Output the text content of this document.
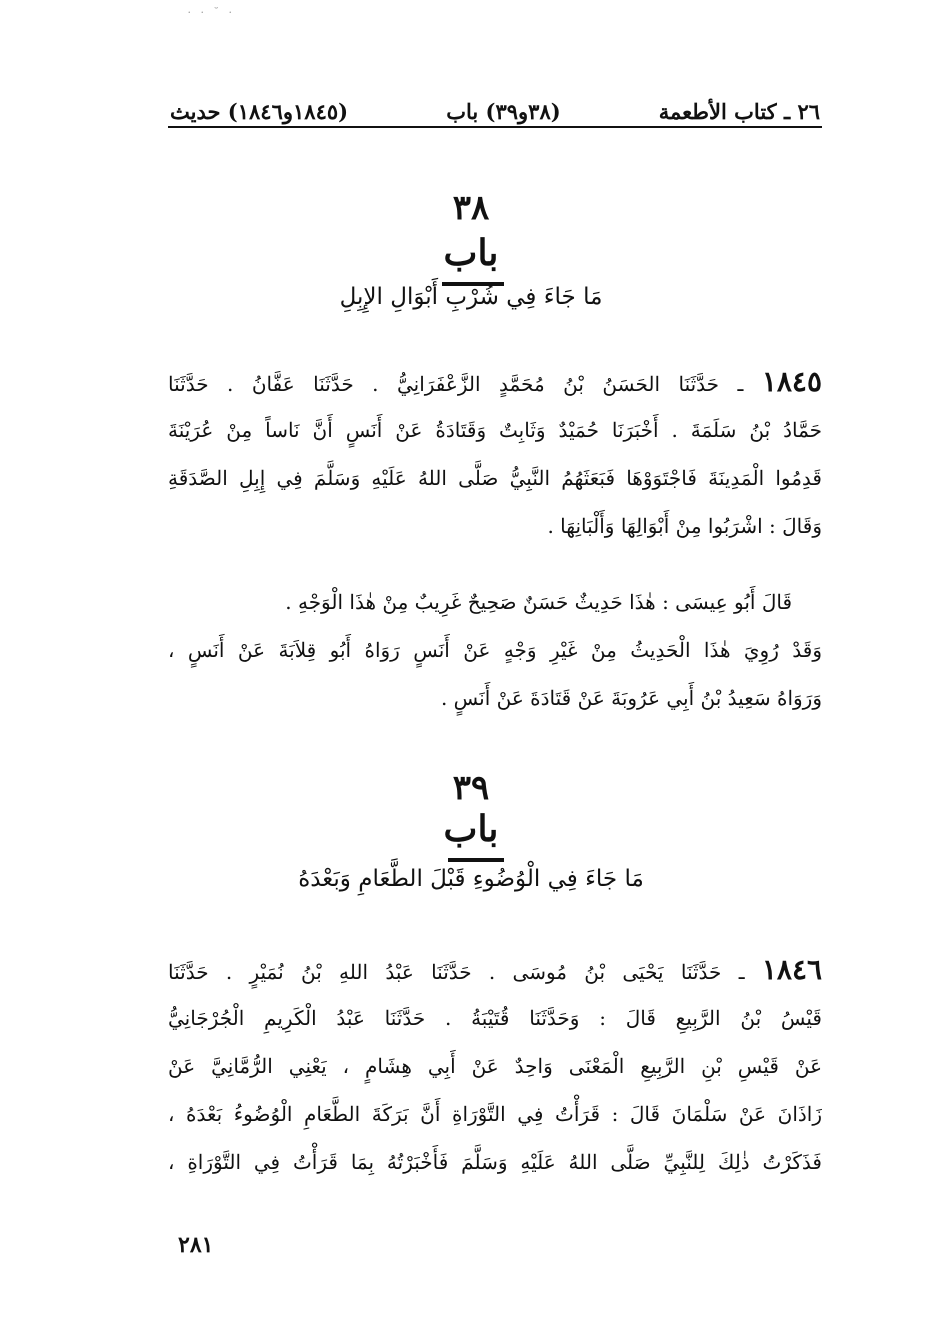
· ˘ · ·
٢٦ ـ كتاب الأطعمة
(٣٨و٣٩) باب
(١٨٤٥و١٨٤٦) حديث
٣٨
باب
مَا جَاءَ فِي شُرْبِ أَبْوَالِ الإِبِلِ
١٨٤٥ ـ حَدَّثَنَا الحَسَنُ بْنُ مُحَمَّدٍ الزَّعْفَرَانِيُّ . حَدَّثَنَا عَفَّانُ . حَدَّثَنَا
حَمَّادُ بْنُ سَلَمَةَ . أَخْبَرَنَا حُمَيْدٌ وَثَابِتٌ وَقَتَادَةُ عَنْ أَنَسٍ أَنَّ نَاساً مِنْ عُرَيْنَةَ
قَدِمُوا الْمَدِينَةَ فَاجْتَوَوْهَا فَبَعَثَهُمُ النَّبِيُّ صَلَّى اللهُ عَلَيْهِ وَسَلَّمَ فِي إِبِلِ الصَّدَقَةِ
وَقَالَ : اشْرَبُوا مِنْ أَبْوَالِهَا وَأَلْبَانِهَا .
قَالَ أَبُو عِيسَى : هٰذَا حَدِيثٌ حَسَنٌ صَحِيحٌ غَرِيبٌ مِنْ هٰذَا الْوَجْهِ .
وَقَدْ رُوِيَ هٰذَا الْحَدِيثُ مِنْ غَيْرِ وَجْهٍ عَنْ أَنَسٍ رَوَاهُ أَبُو قِلاَبَةَ عَنْ أَنَسٍ ،
وَرَوَاهُ سَعِيدُ بْنُ أَبِي عَرُوبَةَ عَنْ قَتَادَةَ عَنْ أَنَسٍ .
٣٩
باب
مَا جَاءَ فِي الْوُضُوءِ قَبْلَ الطَّعَامِ وَبَعْدَهُ
١٨٤٦ ـ حَدَّثَنَا يَحْيَى بْنُ مُوسَى . حَدَّثَنَا عَبْدُ اللهِ بْنُ نُمَيْرٍ . حَدَّثَنَا
قَيْسُ بْنُ الرَّبِيعِ قَالَ : وَحَدَّثَنَا قُتَيْبَةُ . حَدَّثَنَا عَبْدُ الْكَرِيمِ الْجُرْجَانِيُّ
عَنْ قَيْسِ بْنِ الرَّبِيعِ الْمَعْنَى وَاحِدٌ عَنْ أَبِي هِشَامٍ ، يَعْنِي الرُّمَّانِيَّ عَنْ
زَاذَانَ عَنْ سَلْمَانَ قَالَ : قَرَأْتُ فِي التَّوْرَاةِ أَنَّ بَرَكَةَ الطَّعَامِ الْوُضُوءُ بَعْدَهُ ،
فَذَكَرْتُ ذٰلِكَ لِلنَّبِيِّ صَلَّى اللهُ عَلَيْهِ وَسَلَّمَ فَأَخْبَرْتُهُ بِمَا قَرَأْتُ فِي التَّوْرَاةِ ،
٢٨١
